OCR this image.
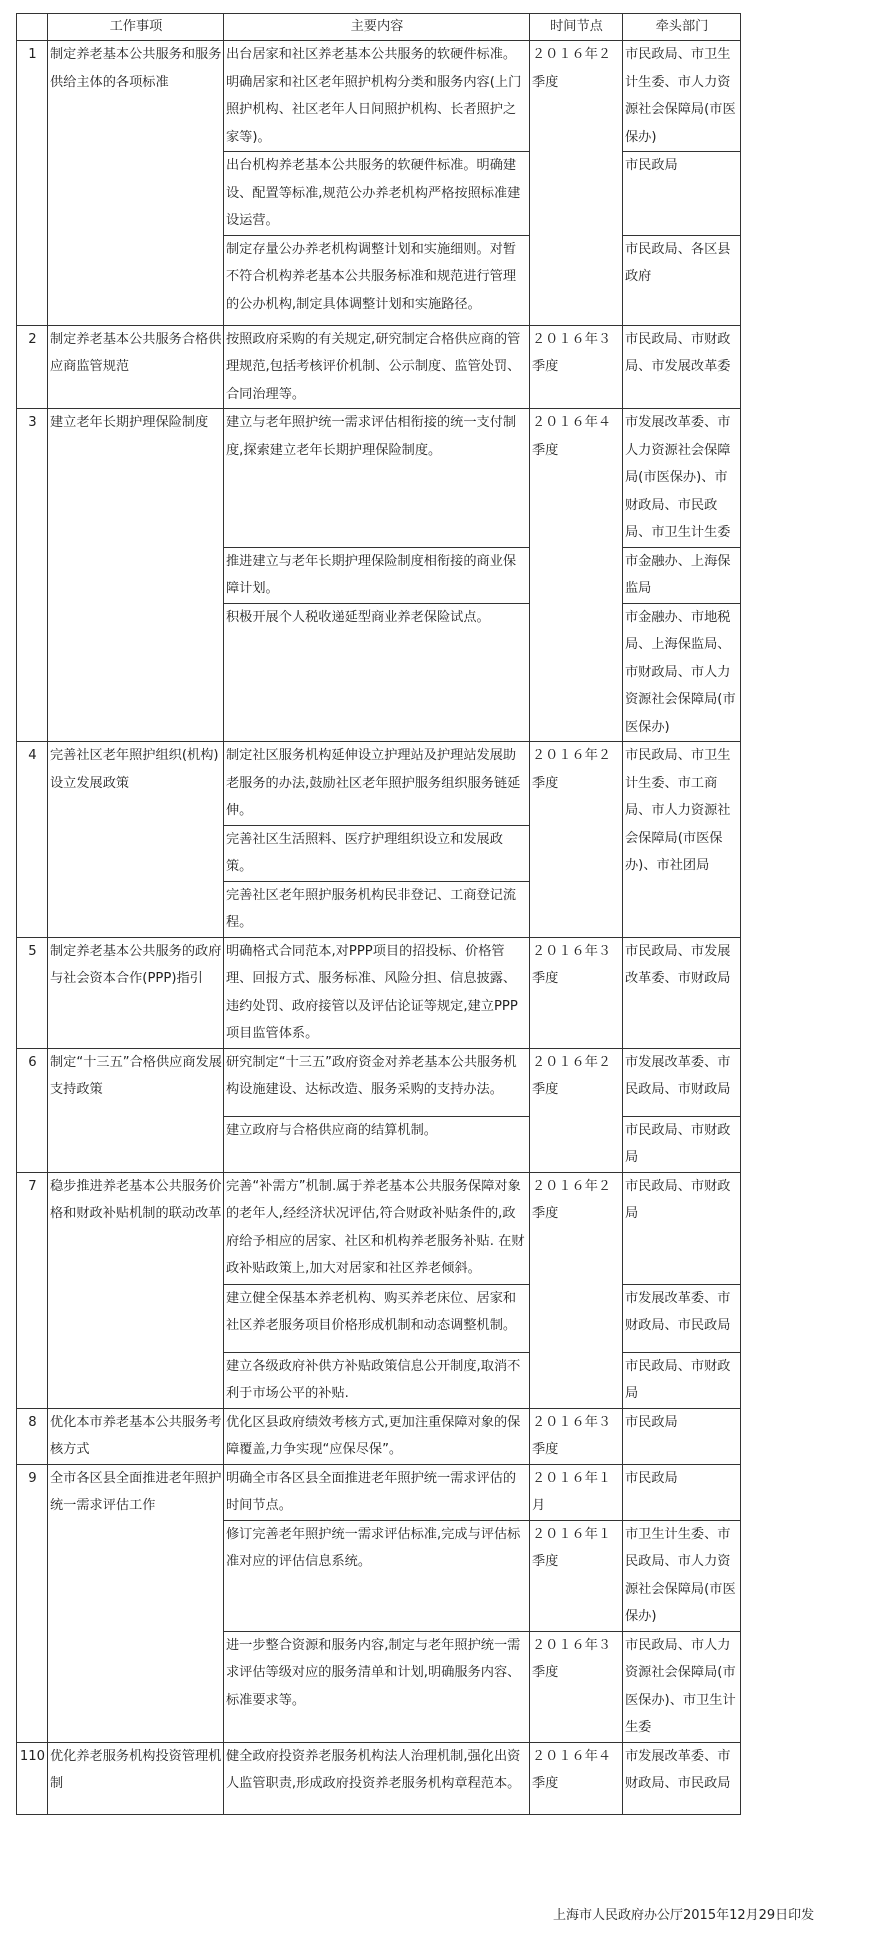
	工作事项	主要内容	时间节点	牵头部门
1	制定养老基本公共服务和服务供给主体的各项标准	出台居家和社区养老基本公共服务的软硬件标准。明确居家和社区老年照护机构分类和服务内容(上门照护机构、社区老年人日间照护机构、长者照护之家等)。	２０１６年２季度	市民政局、市卫生计生委、市人力资源社会保障局(市医保办)
		出台机构养老基本公共服务的软硬件标准。明确建设、配置等标准,规范公办养老机构严格按照标准建设运营。		市民政局
		制定存量公办养老机构调整计划和实施细则。对暂不符合机构养老基本公共服务标准和规范进行管理的公办机构,制定具体调整计划和实施路径。		市民政局、各区县政府
2	制定养老基本公共服务合格供应商监管规范	按照政府采购的有关规定,研究制定合格供应商的管理规范,包括考核评价机制、公示制度、监管处罚、合同治理等。	２０１６年３季度	市民政局、市财政局、市发展改革委
3	建立老年长期护理保险制度	建立与老年照护统一需求评估相衔接的统一支付制度,探索建立老年长期护理保险制度。	２０１６年４季度	市发展改革委、市人力资源社会保障局(市医保办)、市财政局、市民政局、市卫生计生委
		推进建立与老年长期护理保险制度相衔接的商业保障计划。		市金融办、上海保监局
		积极开展个人税收递延型商业养老保险试点。		市金融办、市地税局、上海保监局、市财政局、市人力资源社会保障局(市医保办)
4	完善社区老年照护组织(机构)设立发展政策	制定社区服务机构延伸设立护理站及护理站发展助老服务的办法,鼓励社区老年照护服务组织服务链延伸。	２０１６年２季度	市民政局、市卫生计生委、市工商局、市人力资源社会保障局(市医保办)、市社团局
		完善社区生活照料、医疗护理组织设立和发展政策。		
		完善社区老年照护服务机构民非登记、工商登记流程。		
5	制定养老基本公共服务的政府与社会资本合作(PPP)指引	明确格式合同范本,对PPP项目的招投标、价格管理、回报方式、服务标准、风险分担、信息披露、违约处罚、政府接管以及评估论证等规定,建立PPP项目监管体系。	２０１６年３季度	市民政局、市发展改革委、市财政局
6	制定“十三五”合格供应商发展支持政策	研究制定“十三五”政府资金对养老基本公共服务机构设施建设、达标改造、服务采购的支持办法。	２０１６年２季度	市发展改革委、市民政局、市财政局
		建立政府与合格供应商的结算机制。		市民政局、市财政局
7	稳步推进养老基本公共服务价格和财政补贴机制的联动改革	完善“补需方”机制.属于养老基本公共服务保障对象的老年人,经经济状况评估,符合财政补贴条件的,政府给予相应的居家、社区和机构养老服务补贴. 在财政补贴政策上,加大对居家和社区养老倾斜。	２０１６年２季度	市民政局、市财政局
		建立健全保基本养老机构、购买养老床位、居家和社区养老服务项目价格形成机制和动态调整机制。		市发展改革委、市财政局、市民政局
		建立各级政府补供方补贴政策信息公开制度,取消不利于市场公平的补贴.		市民政局、市财政局
8	优化本市养老基本公共服务考核方式	优化区县政府绩效考核方式,更加注重保障对象的保障覆盖,力争实现“应保尽保”。	２０１６年３季度	市民政局
9	全市各区县全面推进老年照护统一需求评估工作	明确全市各区县全面推进老年照护统一需求评估的时间节点。	２０１６年１月	市民政局
		修订完善老年照护统一需求评估标准,完成与评估标准对应的评估信息系统。	２０１６年１季度	市卫生计生委、市民政局、市人力资源社会保障局(市医保办)
		进一步整合资源和服务内容,制定与老年照护统一需求评估等级对应的服务清单和计划,明确服务内容、标准要求等。	２０１６年３季度	市民政局、市人力资源社会保障局(市医保办)、市卫生计生委
110	优化养老服务机构投资管理机制	健全政府投资养老服务机构法人治理机制,强化出资人监管职责,形成政府投资养老服务机构章程范本。	２０１６年４季度	市发展改革委、市财政局、市民政局
上海市人民政府办公厅2015年12月29日印发
